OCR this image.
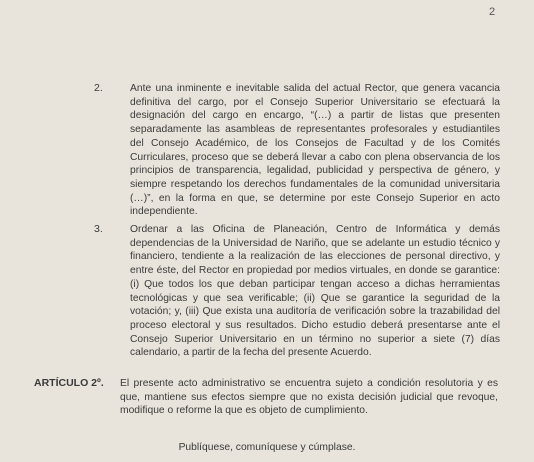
2
2.	Ante una inminente e inevitable salida del actual Rector, que genera vacancia definitiva del cargo, por el Consejo Superior Universitario se efectuará la designación del cargo en encargo, “(…) a partir de listas que presenten separadamente las asambleas de representantes profesorales y estudiantiles del Consejo Académico, de los Consejos de Facultad y de los Comités Curriculares, proceso que se deberá llevar a cabo con plena observancia de los principios de transparencia, legalidad, publicidad y perspectiva de género, y siempre respetando los derechos fundamentales de la comunidad universitaria (…)”, en la forma en que, se determine por este Consejo Superior en acto independiente.
3.	Ordenar a las Oficina de Planeación, Centro de Informática y demás dependencias de la Universidad de Nariño, que se adelante un estudio técnico y financiero, tendiente a la realización de las elecciones de personal directivo, y entre éste, del Rector en propiedad por medios virtuales, en donde se garantice: (i) Que todos los que deban participar tengan acceso a dichas herramientas tecnológicas y que sea verificable; (ii) Que se garantice la seguridad de la votación; y, (iii) Que exista una auditoría de verificación sobre la trazabilidad del proceso electoral y sus resultados. Dicho estudio deberá presentarse ante el Consejo Superior Universitario en un término no superior a siete (7) días calendario, a partir de la fecha del presente Acuerdo.
ARTÍCULO 2º. El presente acto administrativo se encuentra sujeto a condición resolutoria y es que, mantiene sus efectos siempre que no exista decisión judicial que revoque, modifique o reforme la que es objeto de cumplimiento.
Publíquese, comuníquese y cúmplase.
